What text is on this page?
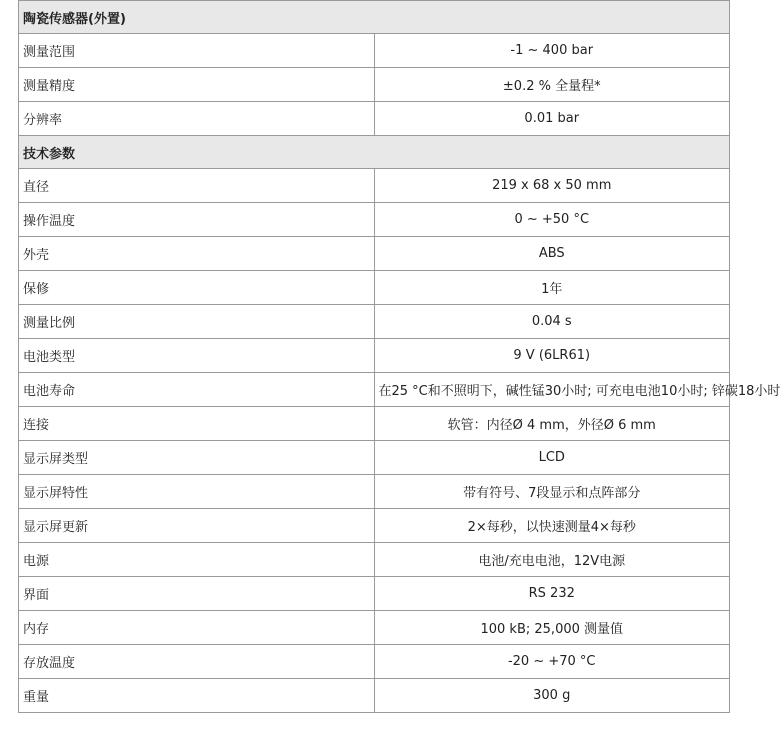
陶瓷传感器(外置)	
测量范围	-1 ~ 400 bar
测量精度	±0.2 % 全量程*
分辨率	0.01 bar
技术参数	
直径	219 x 68 x 50 mm
操作温度	0 ~ +50 °C
外壳	ABS
保修	1年
测量比例	0.04 s
电池类型	9 V (6LR61)
电池寿命	在25 °C和不照明下，碱性锰30小时; 可充电电池10小时; 锌碳18小时
连接	软管：内径Ø 4 mm，外径Ø 6 mm
显示屏类型	LCD
显示屏特性	带有符号、7段显示和点阵部分
显示屏更新	2×每秒，以快速测量4×每秒
电源	电池/充电电池，12V电源
界面	RS 232
内存	100 kB; 25,000 测量值
存放温度	-20 ~ +70 °C
重量	300 g
